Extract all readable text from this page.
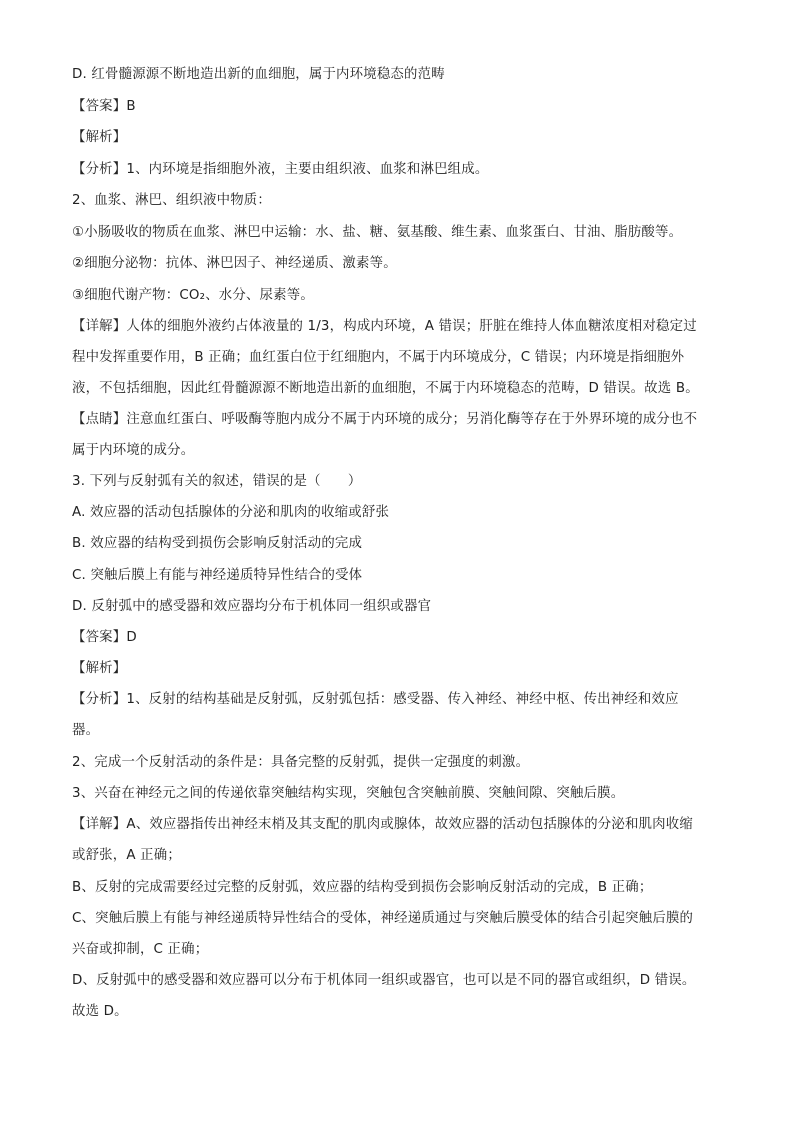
D. 红骨髓源源不断地造出新的血细胞，属于内环境稳态的范畴
【答案】B
【解析】
【分析】1、内环境是指细胞外液，主要由组织液、血浆和淋巴组成。
2、血浆、淋巴、组织液中物质：
①小肠吸收的物质在血浆、淋巴中运输：水、盐、糖、氨基酸、维生素、血浆蛋白、甘油、脂肪酸等。
②细胞分泌物：抗体、淋巴因子、神经递质、激素等。
③细胞代谢产物：CO₂、水分、尿素等。
【详解】人体的细胞外液约占体液量的 1/3，构成内环境，A 错误；肝脏在维持人体血糖浓度相对稳定过
程中发挥重要作用，B 正确；血红蛋白位于红细胞内，不属于内环境成分，C 错误；内环境是指细胞外
液，不包括细胞，因此红骨髓源源不断地造出新的血细胞，不属于内环境稳态的范畴，D 错误。故选 B。
【点睛】注意血红蛋白、呼吸酶等胞内成分不属于内环境的成分；另消化酶等存在于外界环境的成分也不
属于内环境的成分。
3. 下列与反射弧有关的叙述，错误的是（　　）
A. 效应器的活动包括腺体的分泌和肌肉的收缩或舒张
B. 效应器的结构受到损伤会影响反射活动的完成
C. 突触后膜上有能与神经递质特异性结合的受体
D. 反射弧中的感受器和效应器均分布于机体同一组织或器官
【答案】D
【解析】
【分析】1、反射的结构基础是反射弧，反射弧包括：感受器、传入神经、神经中枢、传出神经和效应
器。
2、完成一个反射活动的条件是：具备完整的反射弧，提供一定强度的刺激。
3、兴奋在神经元之间的传递依靠突触结构实现，突触包含突触前膜、突触间隙、突触后膜。
【详解】A、效应器指传出神经末梢及其支配的肌肉或腺体，故效应器的活动包括腺体的分泌和肌肉收缩
或舒张，A 正确；
B、反射的完成需要经过完整的反射弧，效应器的结构受到损伤会影响反射活动的完成，B 正确；
C、突触后膜上有能与神经递质特异性结合的受体，神经递质通过与突触后膜受体的结合引起突触后膜的
兴奋或抑制，C 正确；
D、反射弧中的感受器和效应器可以分布于机体同一组织或器官，也可以是不同的器官或组织，D 错误。
故选 D。
